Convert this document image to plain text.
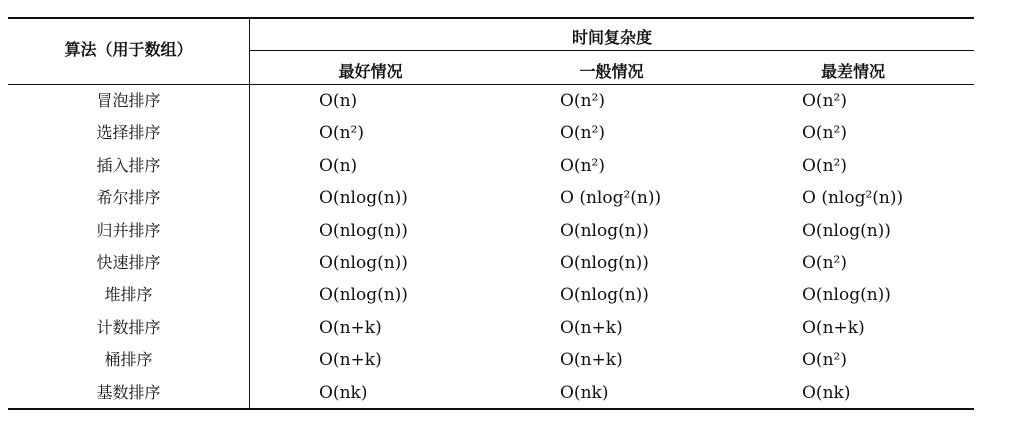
算法（用于数组）
时间复杂度
最好情况	一般情况	最差情况
冒泡排序	O(n)	O(n²)	O(n²)
选择排序	O(n²)	O(n²)	O(n²)
插入排序	O(n)	O(n²)	O(n²)
希尔排序	O(nlog(n))	O (nlog²(n))	O (nlog²(n))
归并排序	O(nlog(n))	O(nlog(n))	O(nlog(n))
快速排序	O(nlog(n))	O(nlog(n))	O(n²)
堆排序	O(nlog(n))	O(nlog(n))	O(nlog(n))
计数排序	O(n+k)	O(n+k)	O(n+k)
桶排序	O(n+k)	O(n+k)	O(n²)
基数排序	O(nk)	O(nk)	O(nk)
